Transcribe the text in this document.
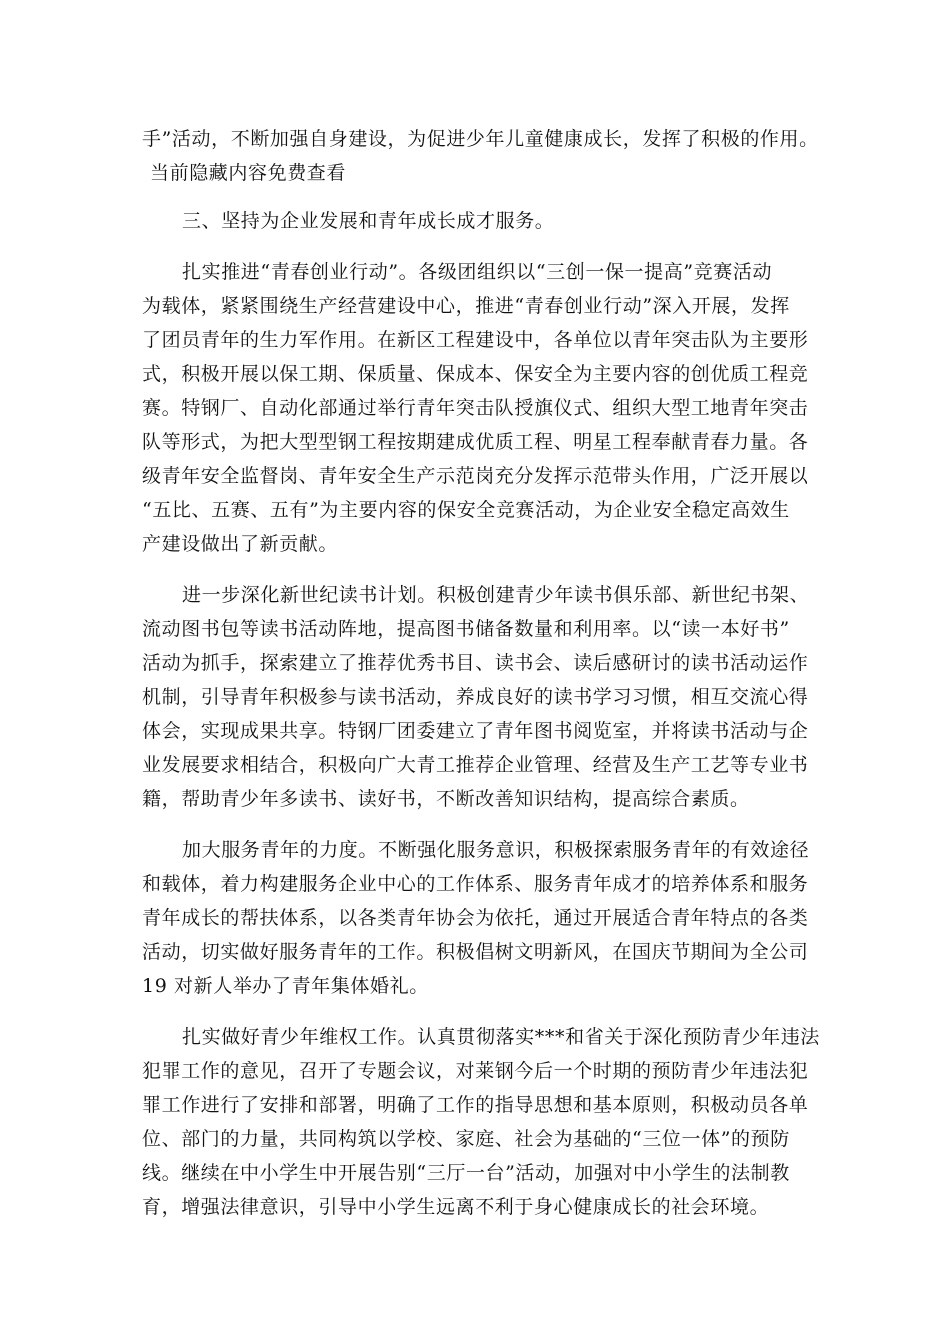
手”活动，不断加强自身建设，为促进少年儿童健康成长，发挥了积极的作用。
当前隐藏内容免费查看
三、坚持为企业发展和青年成长成才服务。
扎实推进“青春创业行动”。各级团组织以“三创一保一提高”竞赛活动
为载体，紧紧围绕生产经营建设中心，推进“青春创业行动”深入开展，发挥
了团员青年的生力军作用。在新区工程建设中，各单位以青年突击队为主要形
式，积极开展以保工期、保质量、保成本、保安全为主要内容的创优质工程竞
赛。特钢厂、自动化部通过举行青年突击队授旗仪式、组织大型工地青年突击
队等形式，为把大型型钢工程按期建成优质工程、明星工程奉献青春力量。各
级青年安全监督岗、青年安全生产示范岗充分发挥示范带头作用，广泛开展以
“五比、五赛、五有”为主要内容的保安全竞赛活动，为企业安全稳定高效生
产建设做出了新贡献。
进一步深化新世纪读书计划。积极创建青少年读书俱乐部、新世纪书架、
流动图书包等读书活动阵地，提高图书储备数量和利用率。以“读一本好书”
活动为抓手，探索建立了推荐优秀书目、读书会、读后感研讨的读书活动运作
机制，引导青年积极参与读书活动，养成良好的读书学习习惯，相互交流心得
体会，实现成果共享。特钢厂团委建立了青年图书阅览室，并将读书活动与企
业发展要求相结合，积极向广大青工推荐企业管理、经营及生产工艺等专业书
籍，帮助青少年多读书、读好书，不断改善知识结构，提高综合素质。
加大服务青年的力度。不断强化服务意识，积极探索服务青年的有效途径
和载体，着力构建服务企业中心的工作体系、服务青年成才的培养体系和服务
青年成长的帮扶体系，以各类青年协会为依托，通过开展适合青年特点的各类
活动，切实做好服务青年的工作。积极倡树文明新风，在国庆节期间为全公司
19 对新人举办了青年集体婚礼。
扎实做好青少年维权工作。认真贯彻落实***和省关于深化预防青少年违法
犯罪工作的意见，召开了专题会议，对莱钢今后一个时期的预防青少年违法犯
罪工作进行了安排和部署，明确了工作的指导思想和基本原则，积极动员各单
位、部门的力量，共同构筑以学校、家庭、社会为基础的“三位一体”的预防
线。继续在中小学生中开展告别“三厅一台”活动，加强对中小学生的法制教
育，增强法律意识，引导中小学生远离不利于身心健康成长的社会环境。
